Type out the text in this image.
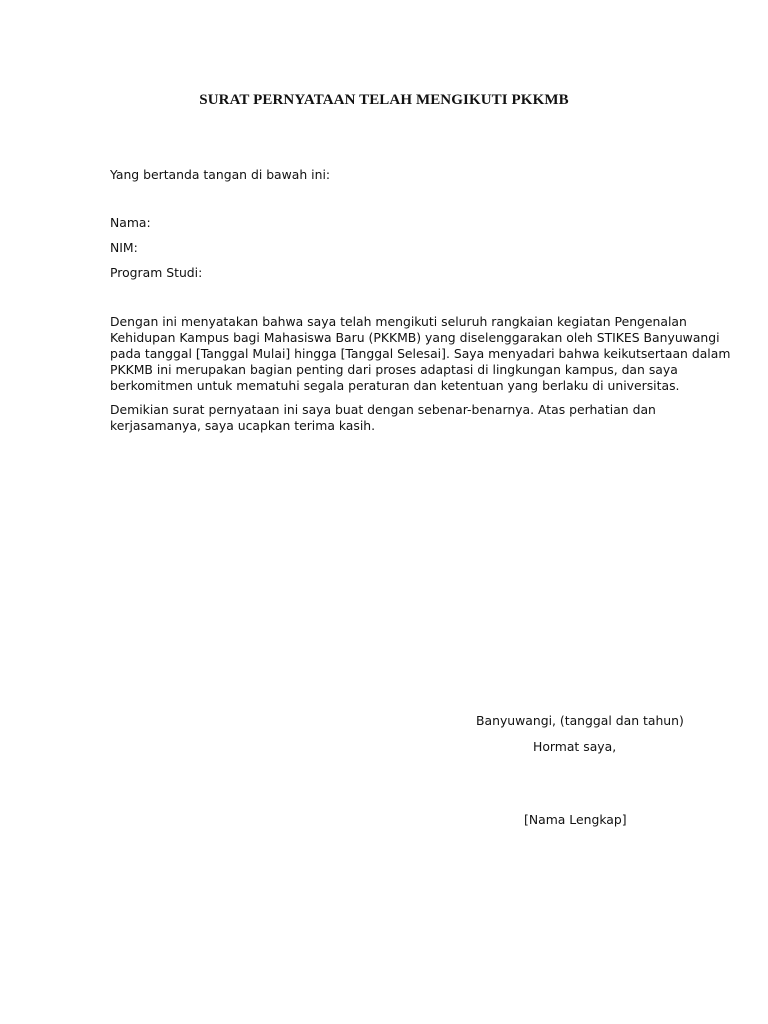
SURAT PERNYATAAN TELAH MENGIKUTI PKKMB
Yang bertanda tangan di bawah ini:
Nama:
NIM:
Program Studi:
Dengan ini menyatakan bahwa saya telah mengikuti seluruh rangkaian kegiatan Pengenalan
Kehidupan Kampus bagi Mahasiswa Baru (PKKMB) yang diselenggarakan oleh STIKES Banyuwangi
pada tanggal [Tanggal Mulai] hingga [Tanggal Selesai]. Saya menyadari bahwa keikutsertaan dalam
PKKMB ini merupakan bagian penting dari proses adaptasi di lingkungan kampus, dan saya
berkomitmen untuk mematuhi segala peraturan dan ketentuan yang berlaku di universitas.
Demikian surat pernyataan ini saya buat dengan sebenar-benarnya. Atas perhatian dan
kerjasamanya, saya ucapkan terima kasih.
Banyuwangi, (tanggal dan tahun)
Hormat saya,
[Nama Lengkap]
